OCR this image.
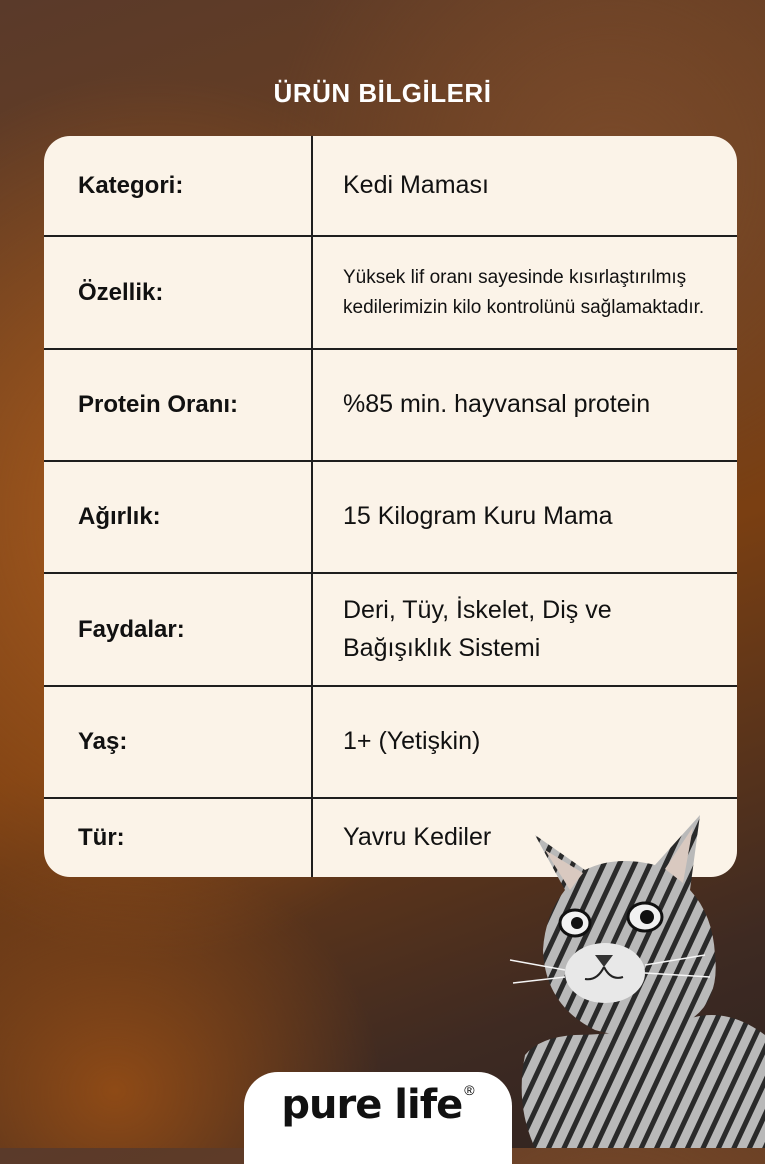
ÜRÜN BİLGİLERİ
Kategori:	Kedi Maması
Özellik:
Yüksek lif oranı sayesinde kısırlaştırılmış kedilerimizin kilo kontrolünü sağlamaktadır.
Protein Oranı:	%85 min. hayvansal protein
Ağırlık:	15 Kilogram Kuru Mama
Faydalar:
Deri, Tüy, İskelet, Diş ve Bağışıklık Sistemi
Yaş:	1+ (Yetişkin)
Tür:	Yavru Kediler
pure life ®
